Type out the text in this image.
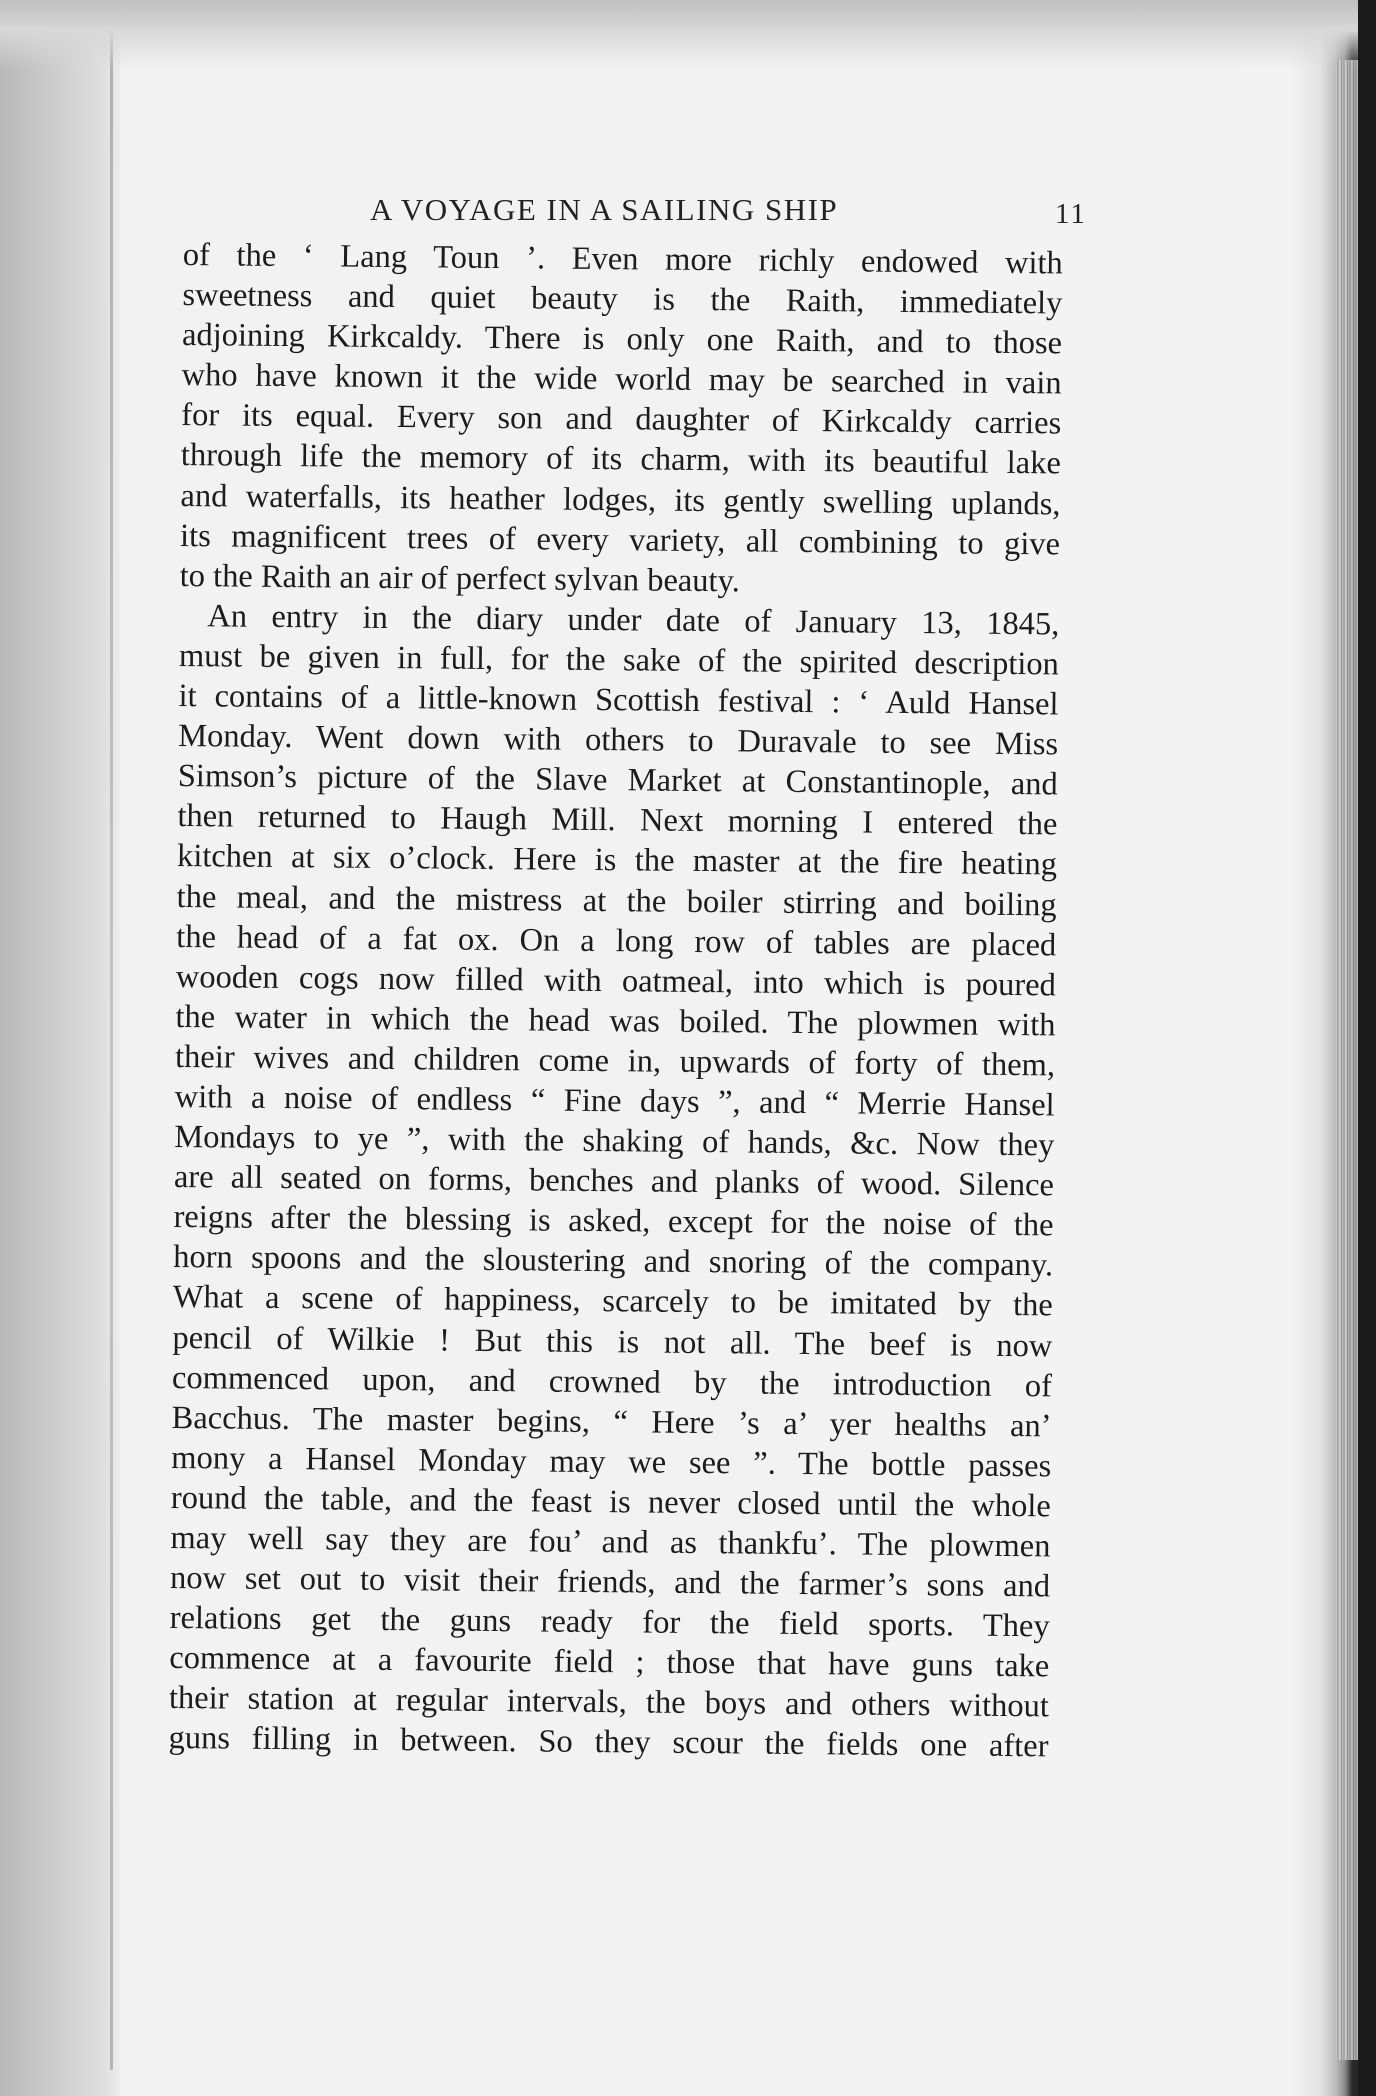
A VOYAGE IN A SAILING SHIP	11
of the ‘ Lang Toun ’. Even more richly endowed with
sweetness and quiet beauty is the Raith, immediately
adjoining Kirkcaldy. There is only one Raith, and to those
who have known it the wide world may be searched in vain
for its equal. Every son and daughter of Kirkcaldy carries
through life the memory of its charm, with its beautiful lake
and waterfalls, its heather lodges, its gently swelling uplands,
its magnificent trees of every variety, all combining to give
to the Raith an air of perfect sylvan beauty.
An entry in the diary under date of January 13, 1845,
must be given in full, for the sake of the spirited description
it contains of a little-known Scottish festival : ‘ Auld Hansel
Monday. Went down with others to Duravale to see Miss
Simson’s picture of the Slave Market at Constantinople, and
then returned to Haugh Mill. Next morning I entered the
kitchen at six o’clock. Here is the master at the fire heating
the meal, and the mistress at the boiler stirring and boiling
the head of a fat ox. On a long row of tables are placed
wooden cogs now filled with oatmeal, into which is poured
the water in which the head was boiled. The plowmen with
their wives and children come in, upwards of forty of them,
with a noise of endless “ Fine days ”, and “ Merrie Hansel
Mondays to ye ”, with the shaking of hands, &c. Now they
are all seated on forms, benches and planks of wood. Silence
reigns after the blessing is asked, except for the noise of the
horn spoons and the sloustering and snoring of the company.
What a scene of happiness, scarcely to be imitated by the
pencil of Wilkie ! But this is not all. The beef is now
commenced upon, and crowned by the introduction of
Bacchus. The master begins, “ Here ’s a’ yer healths an’
mony a Hansel Monday may we see ”. The bottle passes
round the table, and the feast is never closed until the whole
may well say they are fou’ and as thankfu’. The plowmen
now set out to visit their friends, and the farmer’s sons and
relations get the guns ready for the field sports. They
commence at a favourite field ; those that have guns take
their station at regular intervals, the boys and others without
guns filling in between. So they scour the fields one after
